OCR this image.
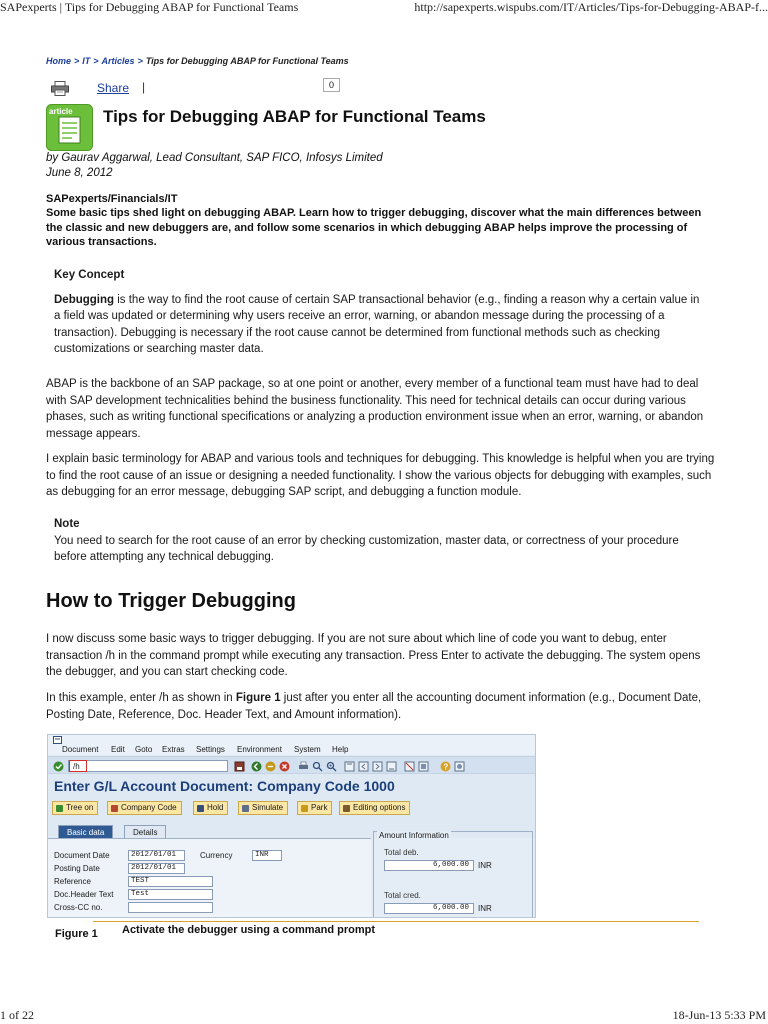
SAPexperts | Tips for Debugging ABAP for Functional Teams	http://sapexperts.wispubs.com/IT/Articles/Tips-for-Debugging-ABAP-f...
Home > IT > Articles > Tips for Debugging ABAP for Functional Teams
Share |	0
article Tips for Debugging ABAP for Functional Teams
by Gaurav Aggarwal, Lead Consultant, SAP FICO, Infosys Limited
June 8, 2012
SAPexperts/Financials/IT

Some basic tips shed light on debugging ABAP. Learn how to trigger debugging, discover what the main differences between the classic and new debuggers are, and follow some scenarios in which debugging ABAP helps improve the processing of various transactions.

Key Concept

Debugging is the way to find the root cause of certain SAP transactional behavior (e.g., finding a reason why a certain value in a field was updated or determining why users receive an error, warning, or abandon message during the processing of a transaction). Debugging is necessary if the root cause cannot be determined from functional methods such as checking customizations or searching master data.

ABAP is the backbone of an SAP package, so at one point or another, every member of a functional team must have had to deal with SAP development technicalities behind the business functionality. This need for technical details can occur during various phases, such as writing functional specifications or analyzing a production environment issue when an error, warning, or abandon message appears.

I explain basic terminology for ABAP and various tools and techniques for debugging. This knowledge is helpful when you are trying to find the root cause of an issue or designing a needed functionality. I show the various objects for debugging with examples, such as debugging for an error message, debugging SAP script, and debugging a function module.

Note

You need to search for the root cause of an error by checking customization, master data, or correctness of your procedure before attempting any technical debugging.

How to Trigger Debugging

I now discuss some basic ways to trigger debugging. If you are not sure about which line of code you want to debug, enter transaction /h in the command prompt while executing any transaction. Press Enter to activate the debugging. The system opens the debugger, and you can start checking code.

In this example, enter /h as shown in Figure 1 just after you enter all the accounting document information (e.g., Document Date, Posting Date, Reference, Doc. Header Text, and Amount information).

Figure 1 Activate the debugger using a command prompt
Document Edit Goto Extras Settings Environment System Help
/h	?
Enter G/L Account Document: Company Code 1000
Tree on	Company Code	Hold	Simulate	Park	Editing options
Basic data	Details
Document Date	2012/01/01	Currency	INR
Posting Date	2012/01/01
Reference	TEST
Doc.Header Text	Test
Cross-CC no.
Amount Information
Total deb.
6,000.00	INR
Total cred.
6,000.00	INR
1 of 22	18-Jun-13 5:33 PM
